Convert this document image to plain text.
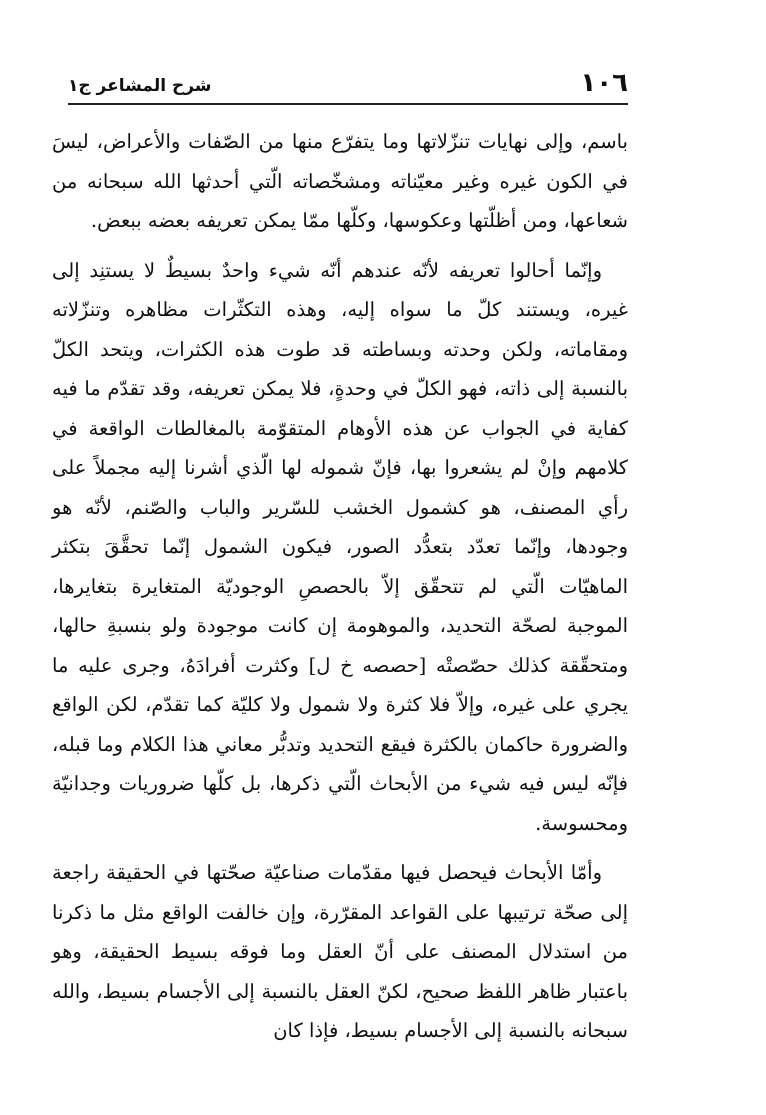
١٠٦
شرح المشاعر ج١

باسم، وإلى نهايات تنزّلاتها وما يتفرّع منها من الصّفات والأعراض، ليسَ في الكون غيره وغير معيّناته ومشخّصاته الّتي أحدثها الله سبحانه من شعاعها، ومن أظلّتها وعكوسها، وكلّها ممّا يمكن تعريفه بعضه ببعض.

وإنّما أحالوا تعريفه لأنّه عندهم أنّه شيء واحدٌ بسيطٌ لا يستنِد إلى غيره، ويستند كلّ ما سواه إليه، وهذه التكثّرات مظاهره وتنزّلاته ومقاماته، ولكن وحدته وبساطته قد طوت هذه الكثرات، ويتحد الكلّ بالنسبة إلى ذاته، فهو الكلّ في وحدةٍ، فلا يمكن تعريفه، وقد تقدّم ما فيه كفاية في الجواب عن هذه الأوهام المتقوّمة بالمغالطات الواقعة في كلامهم وإنْ لم يشعروا بها، فإنّ شموله لها الّذي أشرنا إليه مجملاً على رأي المصنف، هو كشمول الخشب للسّرير والباب والصّنم، لأنّه هو وجودها، وإنّما تعدّد بتعدُّد الصور، فيكون الشمول إنّما تحقَّقَ بتكثر الماهيّات الّتي لم تتحقّق إلاّ بالحصصِ الوجوديّة المتغايرة بتغايرها، الموجبة لصحّة التحديد، والموهومة إن كانت موجودة ولو بنسبةِ حالها، ومتحقّقة كذلك حصّصتْه [حصصه خ ل] وكثرت أفرادَهُ، وجرى عليه ما يجري على غيره، وإلاّ فلا كثرة ولا شمول ولا كليّة كما تقدّم، لكن الواقع والضرورة حاكمان بالكثرة فيقع التحديد وتدبُّر معاني هذا الكلام وما قبله، فإنّه ليس فيه شيء من الأبحاث الّتي ذكرها، بل كلّها ضروريات وجدانيّة ومحسوسة.

وأمّا الأبحاث فيحصل فيها مقدّمات صناعيّة صحّتها في الحقيقة راجعة إلى صحّة ترتيبها على القواعد المقرّرة، وإن خالفت الواقع مثل ما ذكرنا من استدلال المصنف على أنّ العقل وما فوقه بسيط الحقيقة، وهو باعتبار ظاهر اللفظ صحيح، لكنّ العقل بالنسبة إلى الأجسام بسيط، والله سبحانه بالنسبة إلى الأجسام بسيط، فإذا كان
